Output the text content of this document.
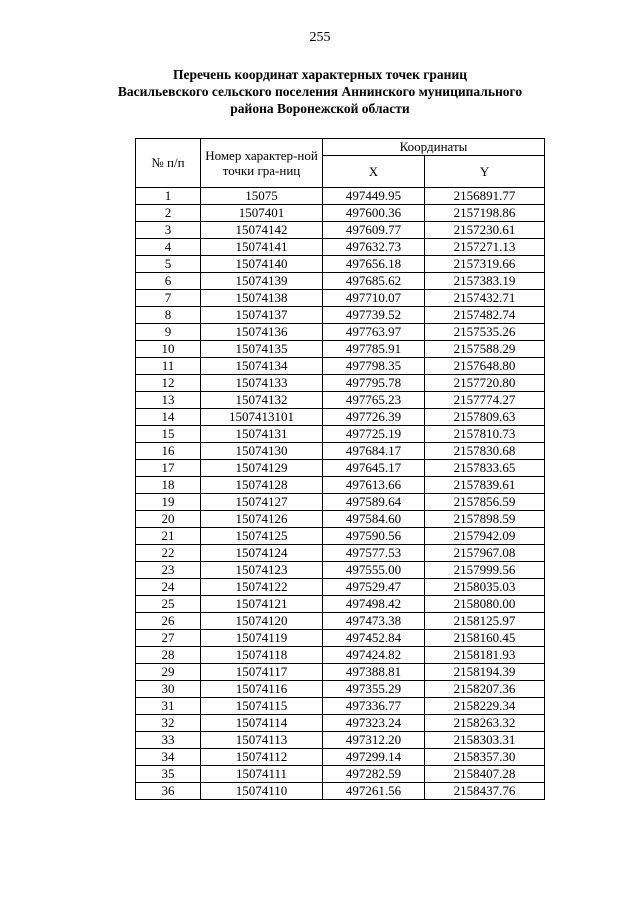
255
Перечень координат характерных точек границ
Васильевского сельского поселения Аннинского муниципального
района Воронежской области
№ п/п	Номер характер-ной точки гра-ниц	Координаты	
		X	Y
1	15075	497449.95	2156891.77
2	1507401	497600.36	2157198.86
3	15074142	497609.77	2157230.61
4	15074141	497632.73	2157271.13
5	15074140	497656.18	2157319.66
6	15074139	497685.62	2157383.19
7	15074138	497710.07	2157432.71
8	15074137	497739.52	2157482.74
9	15074136	497763.97	2157535.26
10	15074135	497785.91	2157588.29
11	15074134	497798.35	2157648.80
12	15074133	497795.78	2157720.80
13	15074132	497765.23	2157774.27
14	1507413101	497726.39	2157809.63
15	15074131	497725.19	2157810.73
16	15074130	497684.17	2157830.68
17	15074129	497645.17	2157833.65
18	15074128	497613.66	2157839.61
19	15074127	497589.64	2157856.59
20	15074126	497584.60	2157898.59
21	15074125	497590.56	2157942.09
22	15074124	497577.53	2157967.08
23	15074123	497555.00	2157999.56
24	15074122	497529.47	2158035.03
25	15074121	497498.42	2158080.00
26	15074120	497473.38	2158125.97
27	15074119	497452.84	2158160.45
28	15074118	497424.82	2158181.93
29	15074117	497388.81	2158194.39
30	15074116	497355.29	2158207.36
31	15074115	497336.77	2158229.34
32	15074114	497323.24	2158263.32
33	15074113	497312.20	2158303.31
34	15074112	497299.14	2158357.30
35	15074111	497282.59	2158407.28
36	15074110	497261.56	2158437.76
